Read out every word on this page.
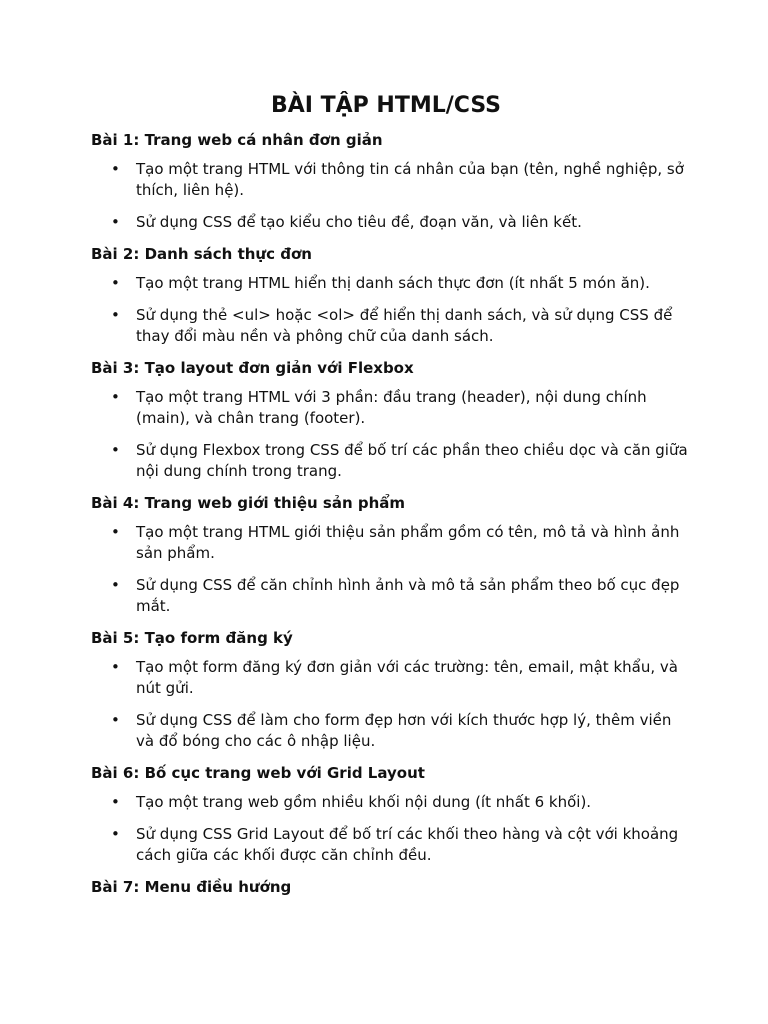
BÀI TẬP HTML/CSS

Bài 1: Trang web cá nhân đơn giản

• Tạo một trang HTML với thông tin cá nhân của bạn (tên, nghề nghiệp, sở thích, liên hệ).
• Sử dụng CSS để tạo kiểu cho tiêu đề, đoạn văn, và liên kết.

Bài 2: Danh sách thực đơn

• Tạo một trang HTML hiển thị danh sách thực đơn (ít nhất 5 món ăn).
• Sử dụng thẻ <ul> hoặc <ol> để hiển thị danh sách, và sử dụng CSS để thay đổi màu nền và phông chữ của danh sách.

Bài 3: Tạo layout đơn giản với Flexbox

• Tạo một trang HTML với 3 phần: đầu trang (header), nội dung chính (main), và chân trang (footer).
• Sử dụng Flexbox trong CSS để bố trí các phần theo chiều dọc và căn giữa nội dung chính trong trang.

Bài 4: Trang web giới thiệu sản phẩm

• Tạo một trang HTML giới thiệu sản phẩm gồm có tên, mô tả và hình ảnh sản phẩm.
• Sử dụng CSS để căn chỉnh hình ảnh và mô tả sản phẩm theo bố cục đẹp mắt.

Bài 5: Tạo form đăng ký

• Tạo một form đăng ký đơn giản với các trường: tên, email, mật khẩu, và nút gửi.
• Sử dụng CSS để làm cho form đẹp hơn với kích thước hợp lý, thêm viền và đổ bóng cho các ô nhập liệu.

Bài 6: Bố cục trang web với Grid Layout

• Tạo một trang web gồm nhiều khối nội dung (ít nhất 6 khối).
• Sử dụng CSS Grid Layout để bố trí các khối theo hàng và cột với khoảng cách giữa các khối được căn chỉnh đều.

Bài 7: Menu điều hướng
